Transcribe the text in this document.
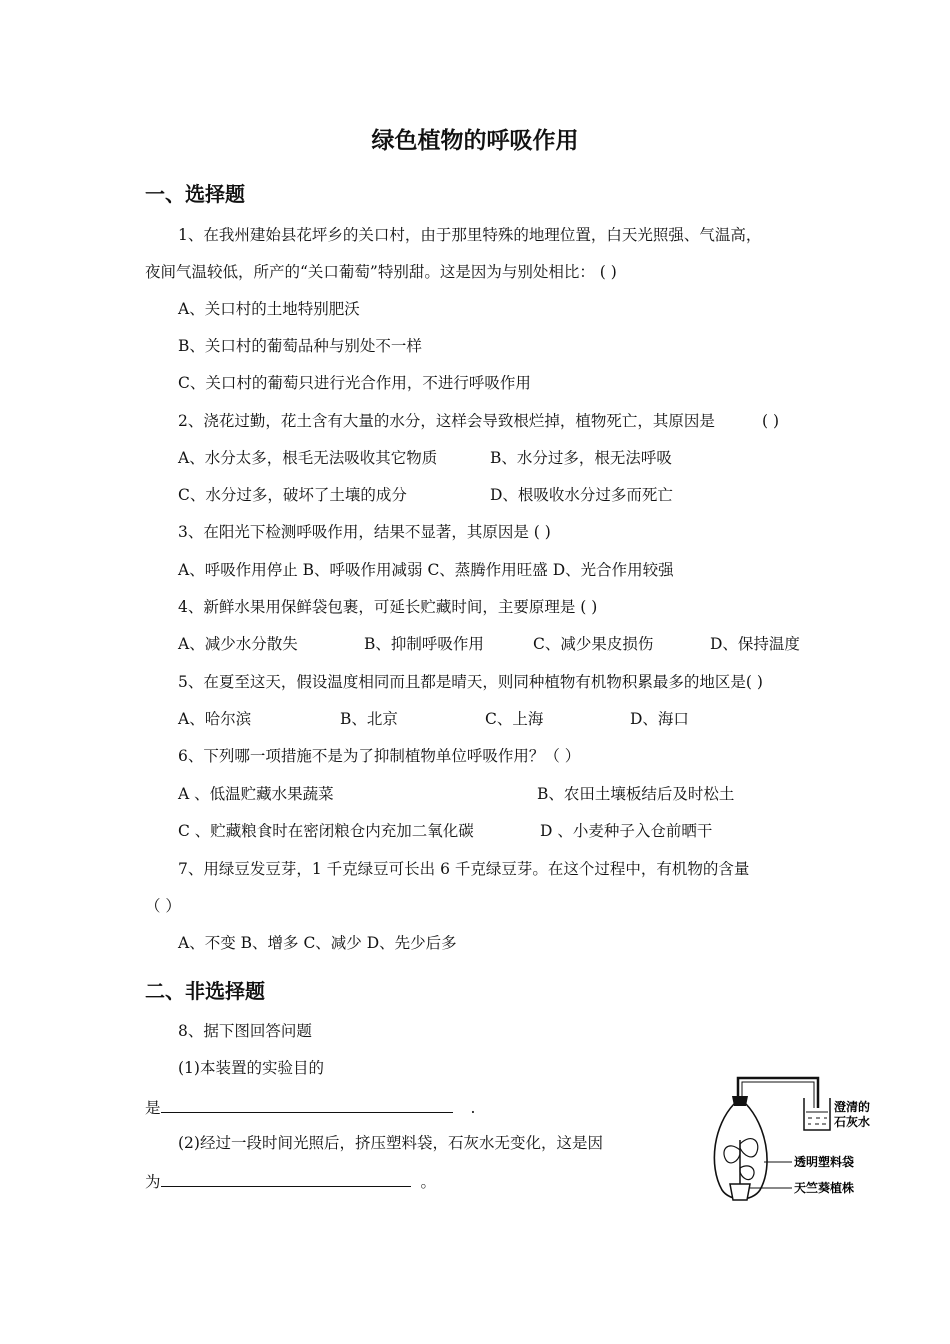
绿色植物的呼吸作用
一、选择题
1、在我州建始县花坪乡的关口村，由于那里特殊的地理位置，白天光照强、气温高，
夜间气温较低，所产的“关口葡萄”特别甜。这是因为与别处相比： ( )
A、关口村的土地特别肥沃
B、关口村的葡萄品种与别处不一样
C、关口村的葡萄只进行光合作用，不进行呼吸作用
2、浇花过勤，花土含有大量的水分，这样会导致根烂掉，植物死亡，其原因是	( )
A、水分太多，根毛无法吸收其它物质	B、水分过多，根无法呼吸
C、水分过多，破坏了土壤的成分	D、根吸收水分过多而死亡
3、在阳光下检测呼吸作用，结果不显著，其原因是 ( )
A、呼吸作用停止 B、呼吸作用减弱 C、蒸腾作用旺盛 D、光合作用较强
4、新鲜水果用保鲜袋包裹，可延长贮藏时间，主要原理是 ( )
A、减少水分散失	B、抑制呼吸作用	C、减少果皮损伤	D、保持温度
5、在夏至这天，假设温度相同而且都是晴天，则同种植物有机物积累最多的地区是( )
A、哈尔滨	B、北京	C、上海	D、海口
6、下列哪一项措施不是为了抑制植物单位呼吸作用？（ ）
A 、低温贮藏水果蔬菜	B、农田土壤板结后及时松土
C 、贮藏粮食时在密闭粮仓内充加二氧化碳	D 、小麦种子入仓前晒干
7、用绿豆发豆芽，1 千克绿豆可长出 6 千克绿豆芽。在这个过程中，有机物的含量
（ ）
A、不变 B、增多 C、减少 D、先少后多
二、非选择题
8、据下图回答问题
(1)本装置的实验目的
是	.
(2)经过一段时间光照后，挤压塑料袋，石灰水无变化，这是因
为	。
澄清的
石灰水
透明塑料袋
天竺葵植株
